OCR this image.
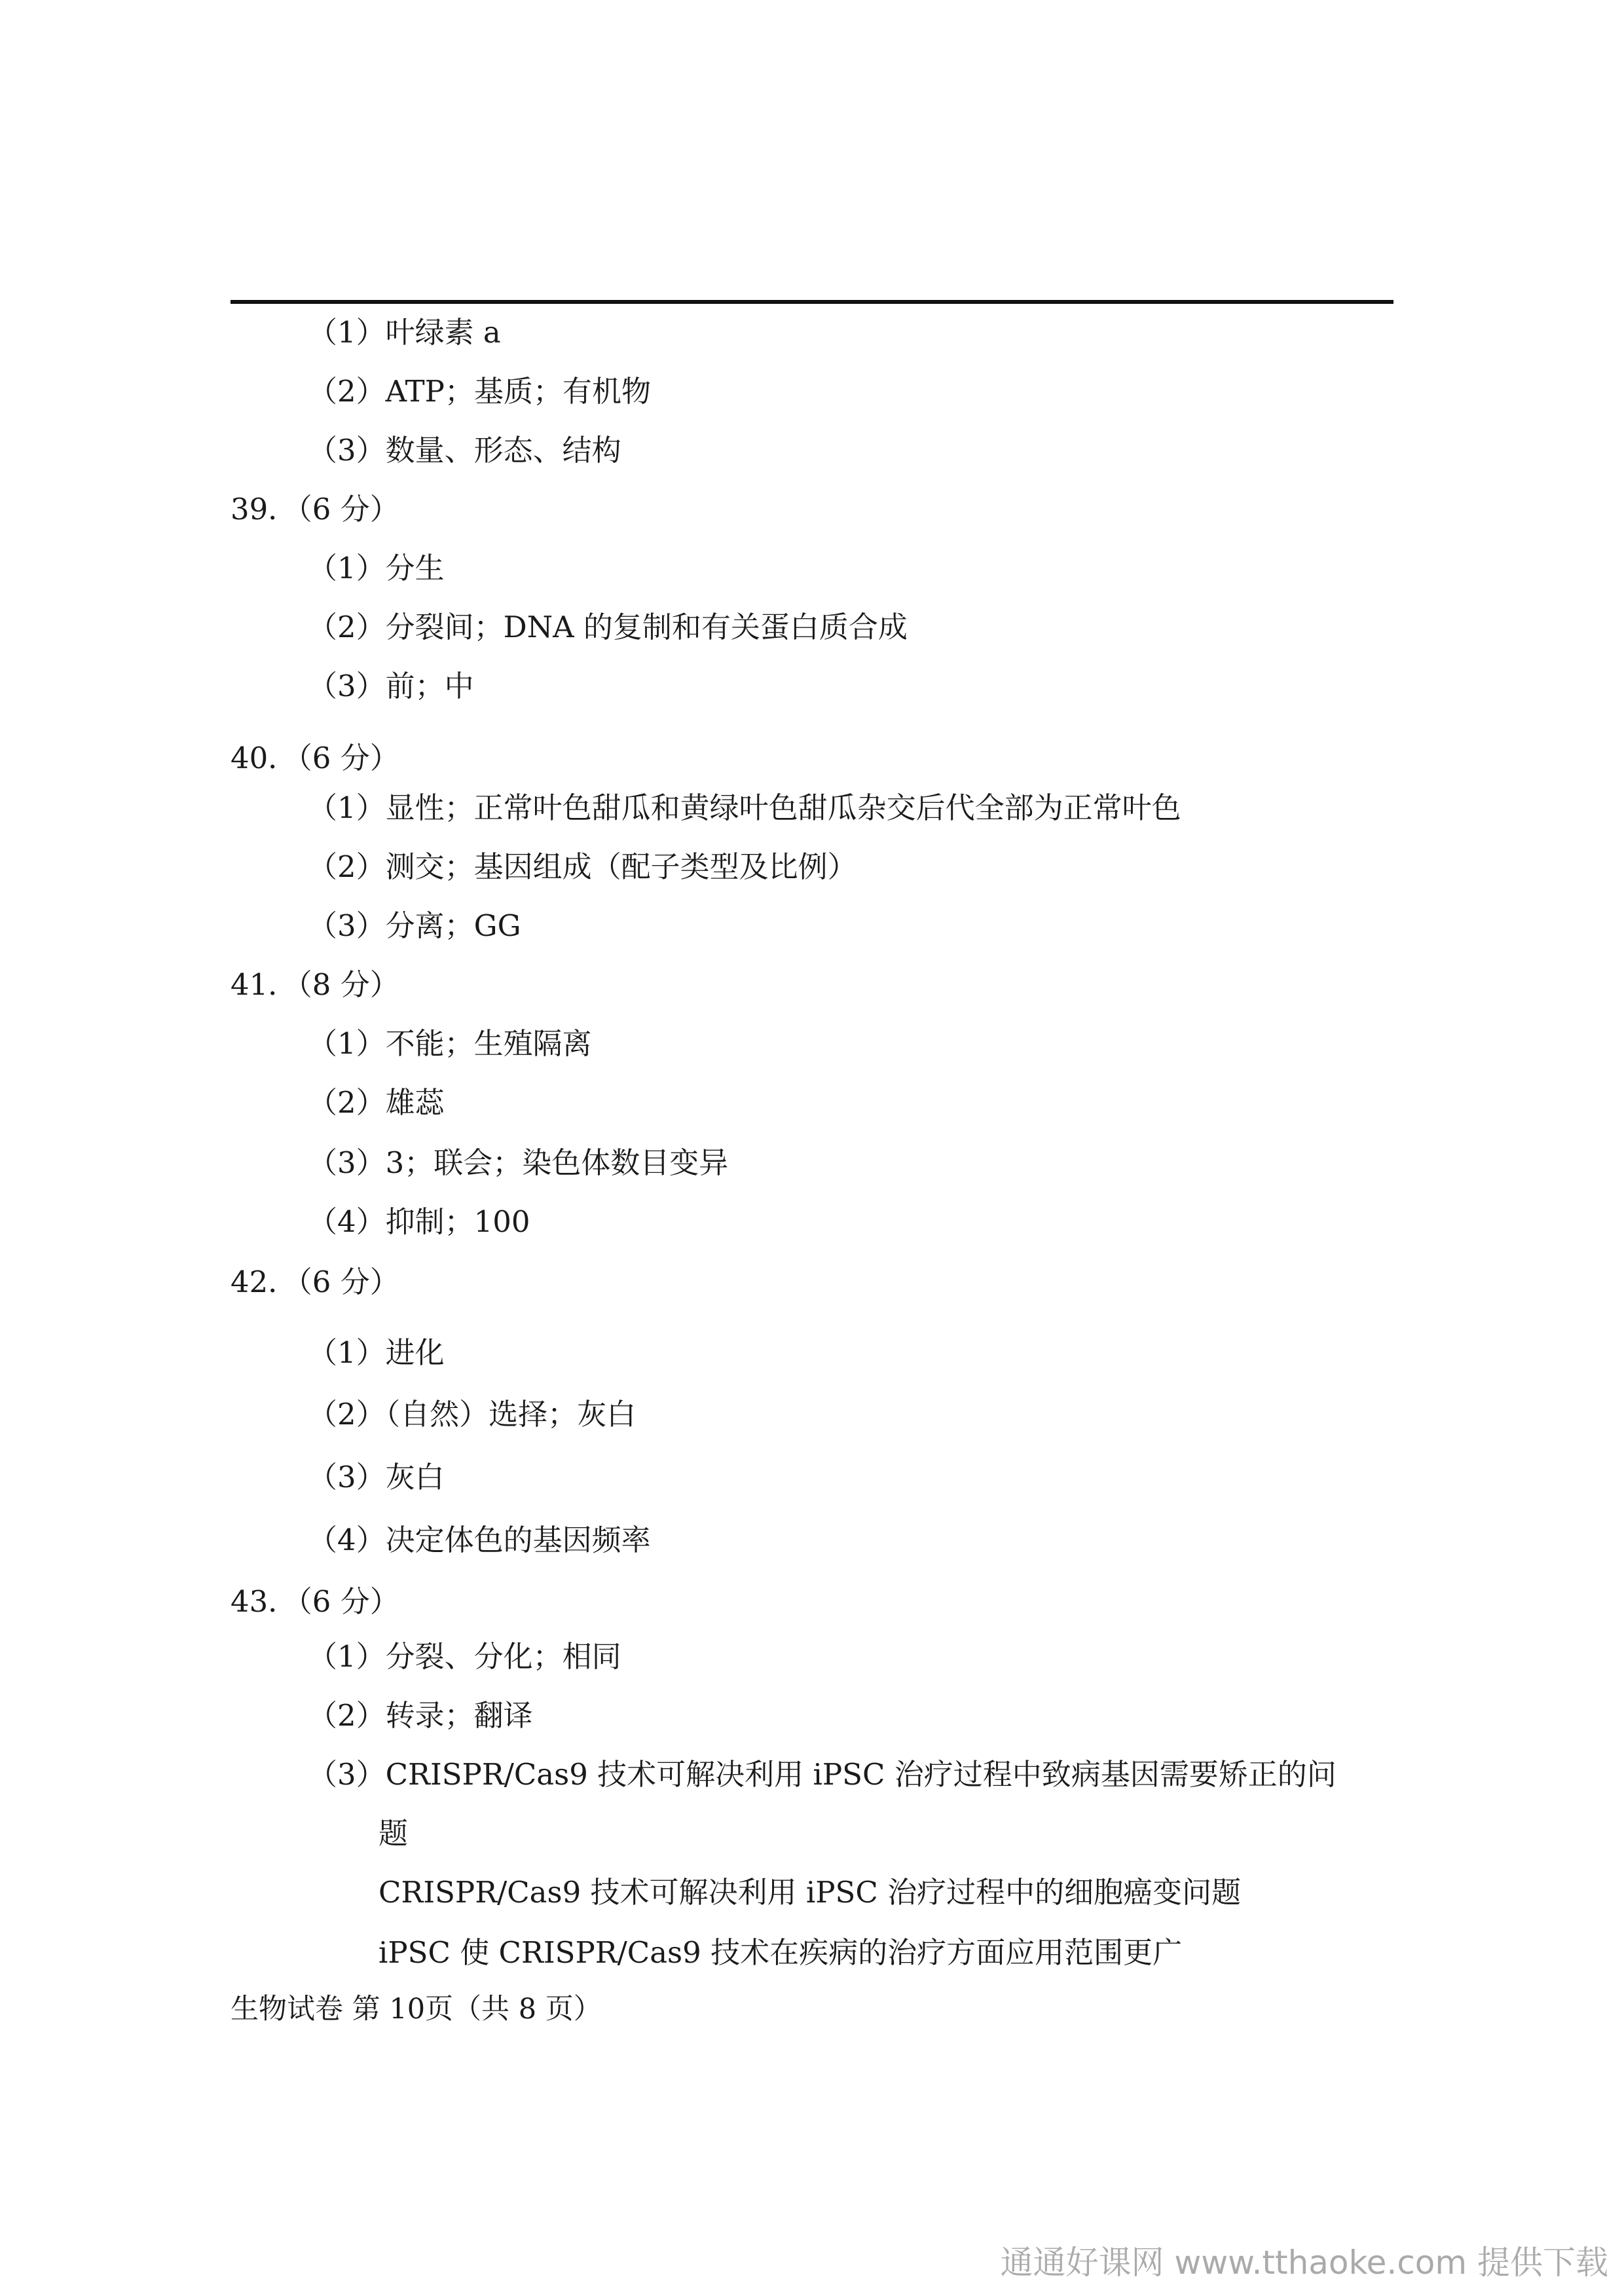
（1）叶绿素 a
（2）ATP；基质；有机物
（3）数量、形态、结构
39．（6 分）
（1）分生
（2）分裂间；DNA 的复制和有关蛋白质合成
（3）前；中
40．（6 分）
（1）显性；正常叶色甜瓜和黄绿叶色甜瓜杂交后代全部为正常叶色
（2）测交；基因组成（配子类型及比例）
（3）分离；GG
41．（8 分）
（1）不能；生殖隔离
（2）雄蕊
（3）3；联会；染色体数目变异
（4）抑制；100
42．（6 分）
（1）进化
（2）（自然）选择；灰白
（3）灰白
（4）决定体色的基因频率
43．（6 分）
（1）分裂、分化；相同
（2）转录；翻译
（3）CRISPR/Cas9 技术可解决利用 iPSC 治疗过程中致病基因需要矫正的问
题
CRISPR/Cas9 技术可解决利用 iPSC 治疗过程中的细胞癌变问题
iPSC 使 CRISPR/Cas9 技术在疾病的治疗方面应用范围更广
生物试卷 第 10页（共 8 页）
通通好课网 www.tthaoke.com 提供下载
